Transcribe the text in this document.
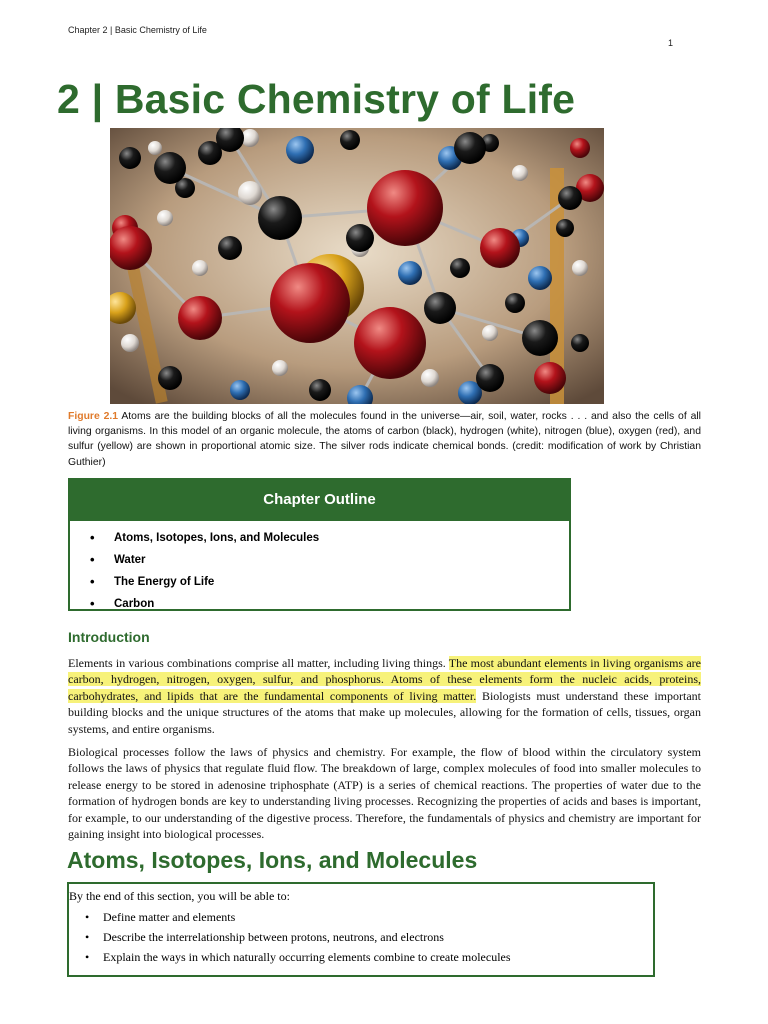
Chapter 2 | Basic Chemistry of Life
1
2 | Basic Chemistry of Life

Figure 2.1 Atoms are the building blocks of all the molecules found in the universe—air, soil, water, rocks . . . and also the cells of all living organisms. In this model of an organic molecule, the atoms of carbon (black), hydrogen (white), nitrogen (blue), oxygen (red), and sulfur (yellow) are shown in proportional atomic size. The silver rods indicate chemical bonds. (credit: modification of work by Christian Guthier)

Chapter Outline
• Atoms, Isotopes, Ions, and Molecules
• Water
• The Energy of Life
• Carbon
Introduction

Elements in various combinations comprise all matter, including living things. The most abundant elements in living organisms are carbon, hydrogen, nitrogen, oxygen, sulfur, and phosphorus. Atoms of these elements form the nucleic acids, proteins, carbohydrates, and lipids that are the fundamental components of living matter. Biologists must understand these important building blocks and the unique structures of the atoms that make up molecules, allowing for the formation of cells, tissues, organ systems, and entire organisms.

Biological processes follow the laws of physics and chemistry. For example, the flow of blood within the circulatory system follows the laws of physics that regulate fluid flow. The breakdown of large, complex molecules of food into smaller molecules to release energy to be stored in adenosine triphosphate (ATP) is a series of chemical reactions. The properties of water due to the formation of hydrogen bonds are key to understanding living processes. Recognizing the properties of acids and bases is important, for example, to our understanding of the digestive process. Therefore, the fundamentals of physics and chemistry are important for gaining insight into biological processes.

Atoms, Isotopes, Ions, and Molecules

By the end of this section, you will be able to:

• Define matter and elements
• Describe the interrelationship between protons, neutrons, and electrons
• Explain the ways in which naturally occurring elements combine to create molecules
